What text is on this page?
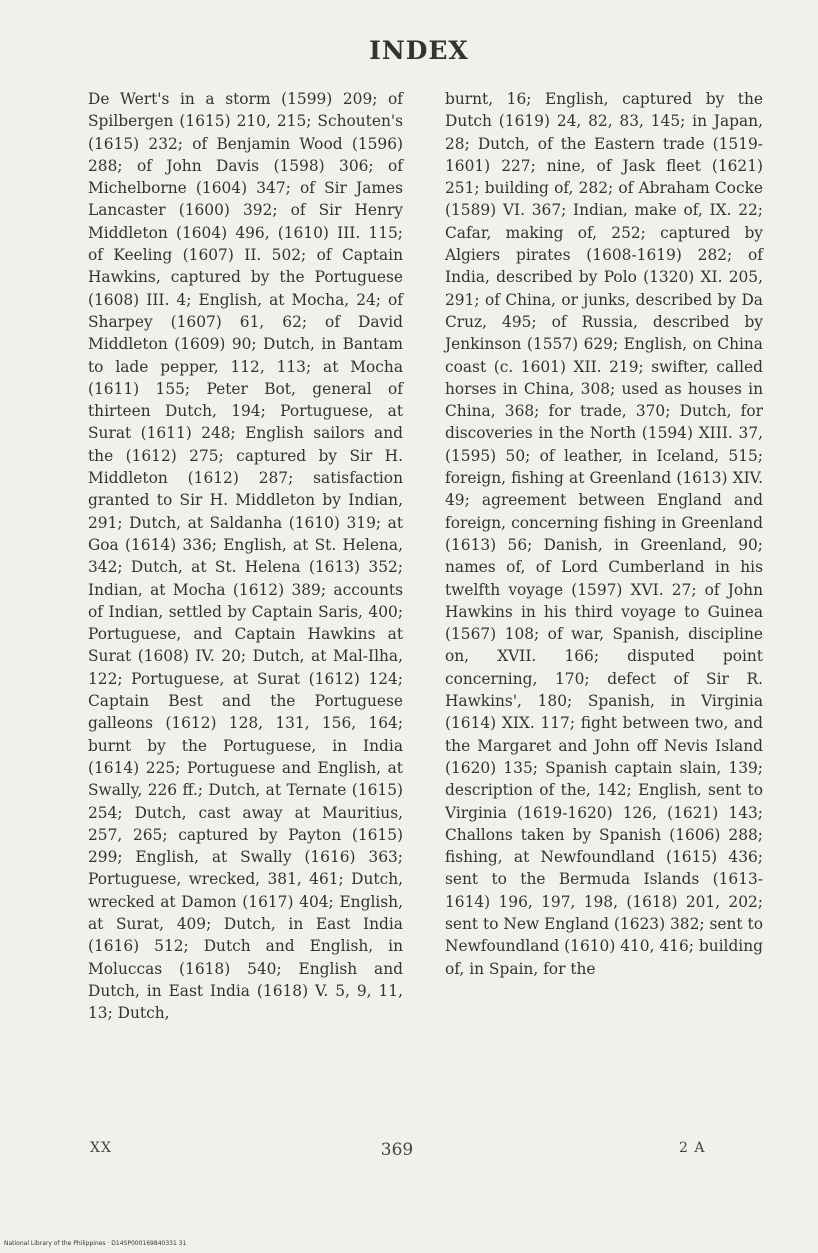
INDEX
De Wert's in a storm (1599) 209; of Spilbergen (1615) 210, 215; Schouten's (1615) 232; of Benjamin Wood (1596) 288; of John Davis (1598) 306; of Michelborne (1604) 347; of Sir James Lancaster (1600) 392; of Sir Henry Middleton (1604) 496, (1610) III. 115; of Keeling (1607) II. 502; of Captain Hawkins, captured by the Portuguese (1608) III. 4; English, at Mocha, 24; of Sharpey (1607) 61, 62; of David Middleton (1609) 90; Dutch, in Bantam to lade pepper, 112, 113; at Mocha (1611) 155; Peter Bot, general of thirteen Dutch, 194; Portuguese, at Surat (1611) 248; English sailors and the (1612) 275; captured by Sir H. Middleton (1612) 287; satisfaction granted to Sir H. Middleton by Indian, 291; Dutch, at Saldanha (1610) 319; at Goa (1614) 336; English, at St. Helena, 342; Dutch, at St. Helena (1613) 352; Indian, at Mocha (1612) 389; accounts of Indian, settled by Captain Saris, 400; Portuguese, and Captain Hawkins at Surat (1608) IV. 20; Dutch, at Mal-Ilha, 122; Portuguese, at Surat (1612) 124; Captain Best and the Portuguese galleons (1612) 128, 131, 156, 164; burnt by the Portuguese, in India (1614) 225; Portuguese and English, at Swally, 226 ff.; Dutch, at Ternate (1615) 254; Dutch, cast away at Mauritius, 257, 265; captured by Payton (1615) 299; English, at Swally (1616) 363; Portuguese, wrecked, 381, 461; Dutch, wrecked at Damon (1617) 404; English, at Surat, 409; Dutch, in East India (1616) 512; Dutch and English, in Moluccas (1618) 540; English and Dutch, in East India (1618) V. 5, 9, 11, 13; Dutch,
burnt, 16; English, captured by the Dutch (1619) 24, 82, 83, 145; in Japan, 28; Dutch, of the Eastern trade (1519-1601) 227; nine, of Jask fleet (1621) 251; building of, 282; of Abraham Cocke (1589) VI. 367; Indian, make of, IX. 22; Cafar, making of, 252; captured by Algiers pirates (1608-1619) 282; of India, described by Polo (1320) XI. 205, 291; of China, or junks, described by Da Cruz, 495; of Russia, described by Jenkinson (1557) 629; English, on China coast (c. 1601) XII. 219; swifter, called horses in China, 308; used as houses in China, 368; for trade, 370; Dutch, for discoveries in the North (1594) XIII. 37, (1595) 50; of leather, in Iceland, 515; foreign, fishing at Greenland (1613) XIV. 49; agreement between England and foreign, concerning fishing in Greenland (1613) 56; Danish, in Greenland, 90; names of, of Lord Cumberland in his twelfth voyage (1597) XVI. 27; of John Hawkins in his third voyage to Guinea (1567) 108; of war, Spanish, discipline on, XVII. 166; disputed point concerning, 170; defect of Sir R. Hawkins', 180; Spanish, in Virginia (1614) XIX. 117; fight between two, and the Margaret and John off Nevis Island (1620) 135; Spanish captain slain, 139; description of the, 142; English, sent to Virginia (1619-1620) 126, (1621) 143; Challons taken by Spanish (1606) 288; fishing, at Newfoundland (1615) 436; sent to the Bermuda Islands (1613-1614) 196, 197, 198, (1618) 201, 202; sent to New England (1623) 382; sent to Newfoundland (1610) 410, 416; building of, in Spain, for the
XX	369	2 A
National Library of the Philippines · D14SP000169840331 31
